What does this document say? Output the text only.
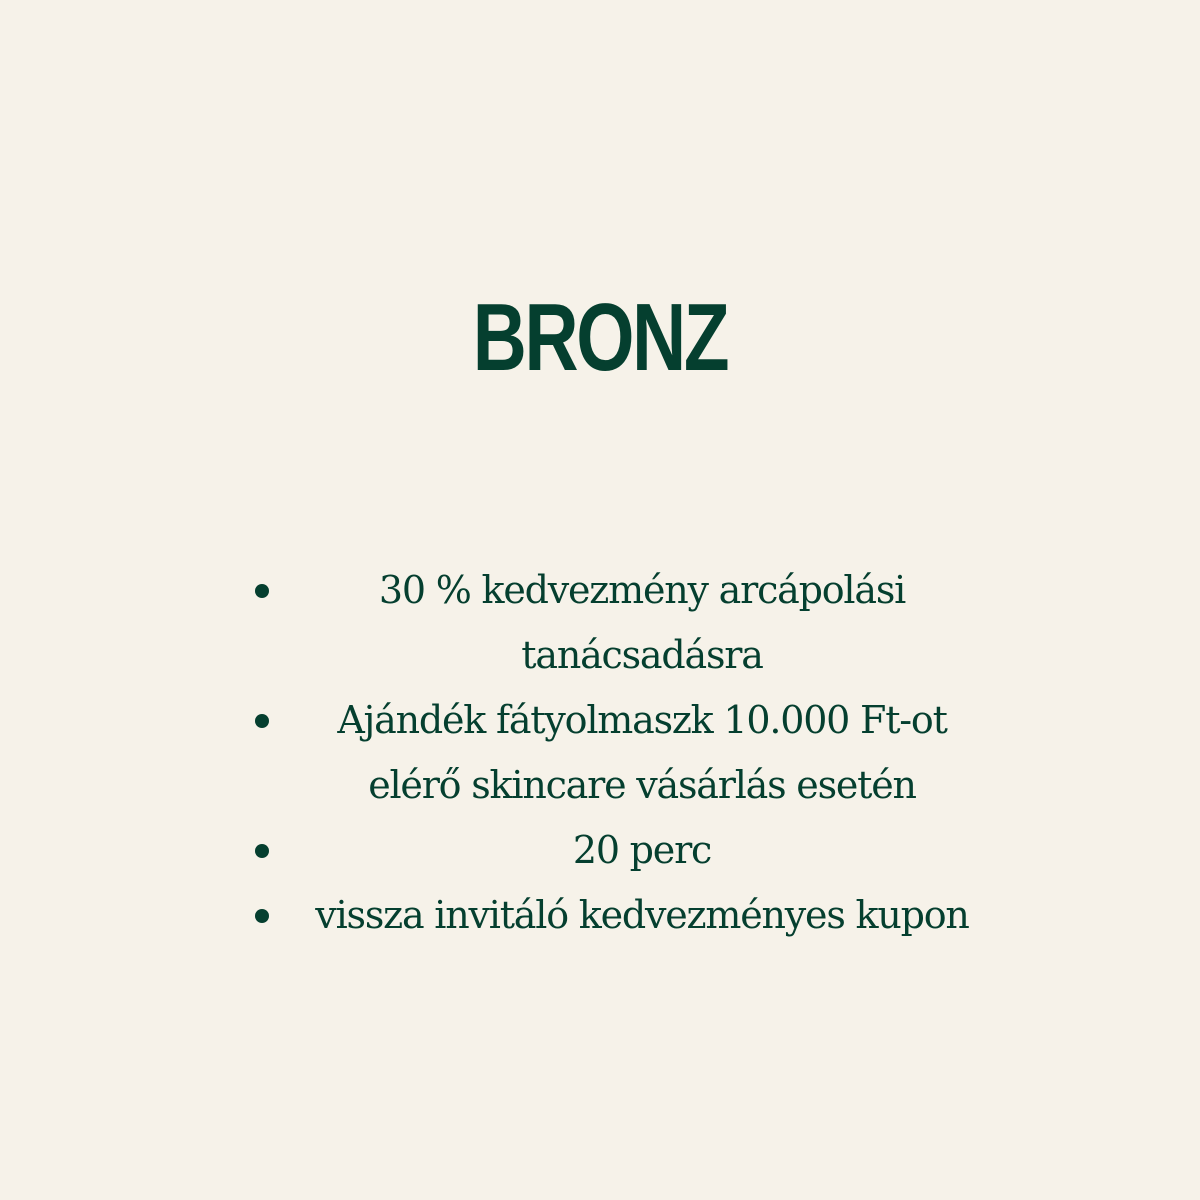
BRONZ
30 % kedvezmény arcápolási tanácsadásra
Ajándék fátyolmaszk 10.000 Ft-ot elérő skincare vásárlás esetén
20 perc
vissza invitáló kedvezményes kupon
